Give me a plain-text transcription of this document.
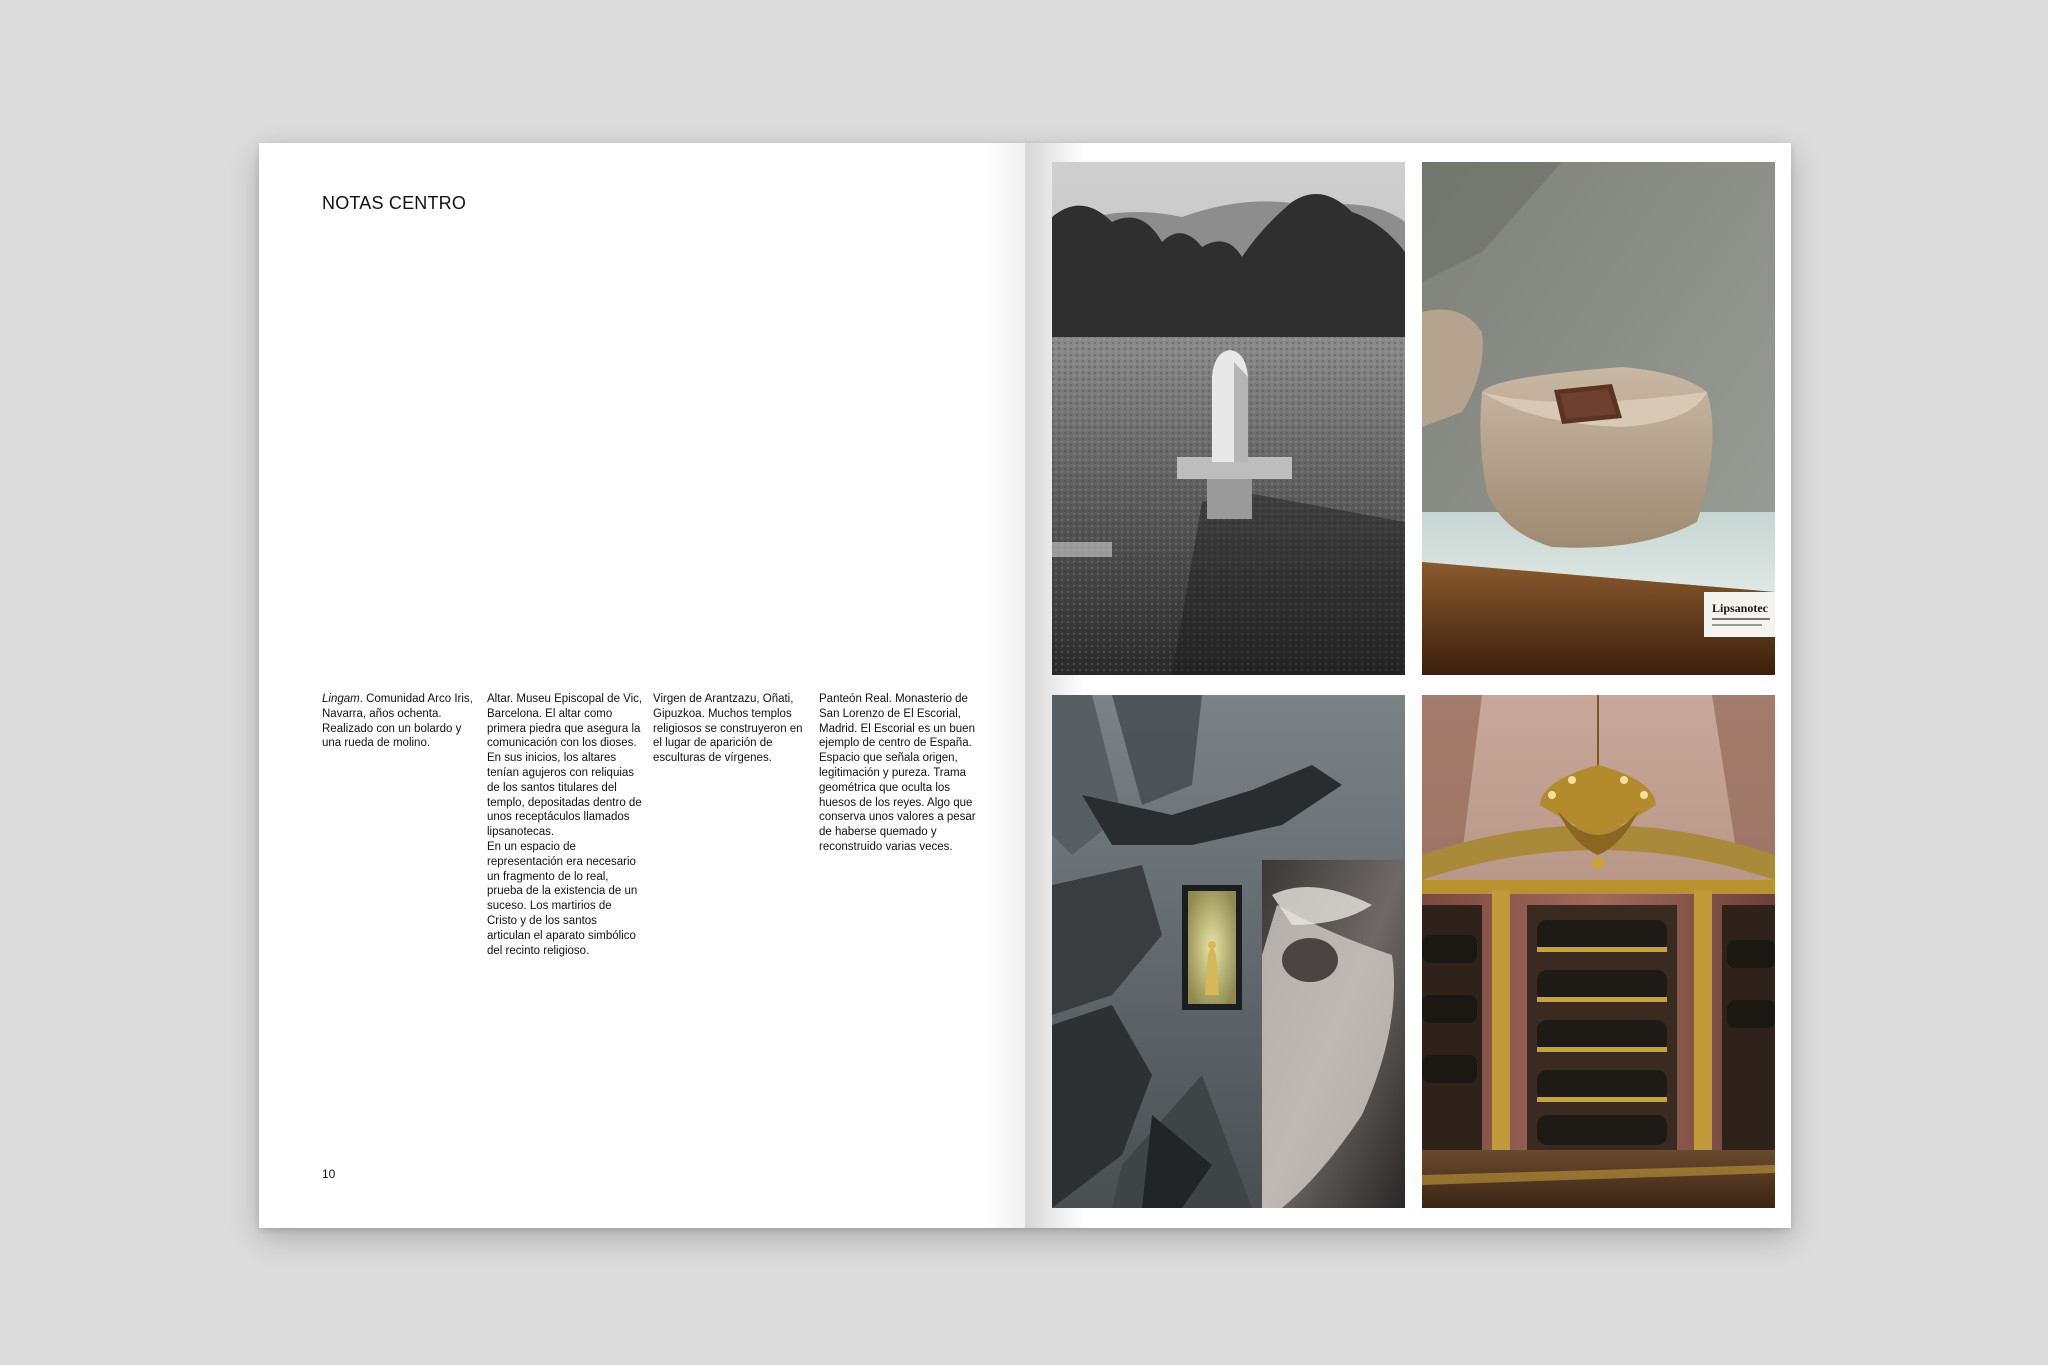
NOTAS CENTRO

Lingam. Comunidad Arco Iris, Navarra, años ochenta. Realizado con un bolardo y una rueda de molino.

Altar. Museu Episcopal de Vic, Barcelona. El altar como primera piedra que asegura la comunicación con los dioses. En sus inicios, los altares tenían agujeros con reliquias de los santos titulares del templo, depositadas dentro de unos receptáculos llamados lipsanotecas.

En un espacio de representación era necesario un fragmento de lo real, prueba de la existencia de un suceso. Los martirios de Cristo y de los santos articulan el aparato simbólico del recinto religioso.

Virgen de Arantzazu, Oñati, Gipuzkoa. Muchos templos religiosos se construyeron en el lugar de aparición de esculturas de vírgenes.

Panteón Real. Monasterio de San Lorenzo de El Escorial, Madrid. El Escorial es un buen ejemplo de centro de España. Espacio que señala origen, legitimación y pureza. Trama geométrica que oculta los huesos de los reyes. Algo que conserva unos valores a pesar de haberse quemado y reconstruido varias veces.

10
Lipsanotec
